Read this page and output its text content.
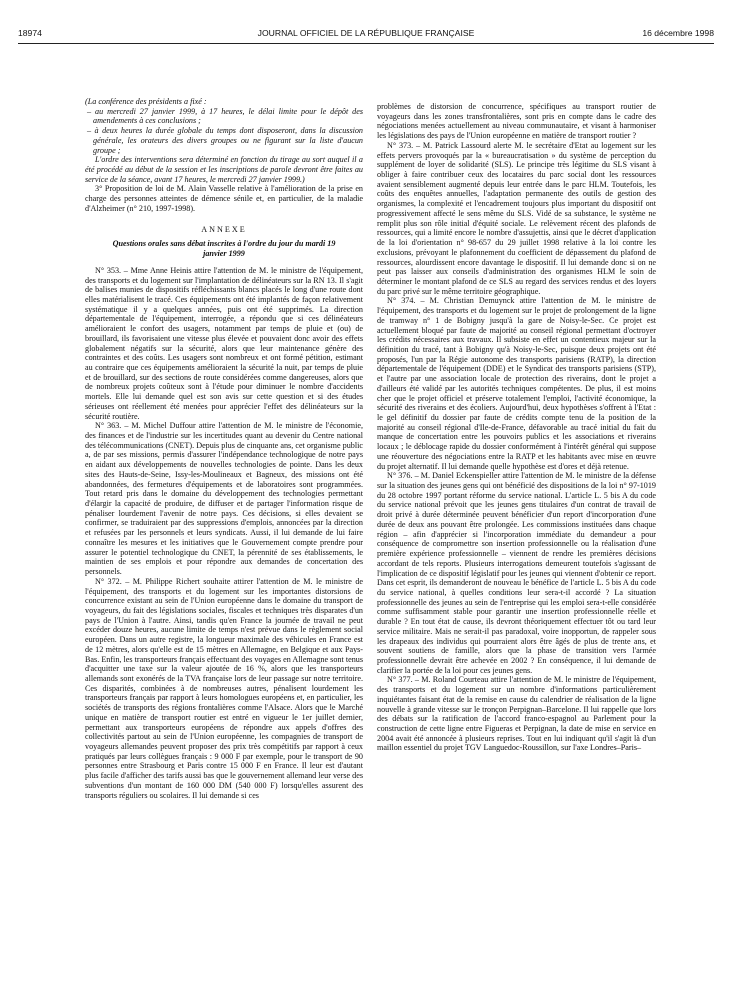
18974	JOURNAL OFFICIEL DE LA RÉPUBLIQUE FRANÇAISE	16 décembre 1998

(La conférence des présidents a fixé :

– au mercredi 27 janvier 1999, à 17 heures, le délai limite pour le dépôt des amendements à ces conclusions ;

– à deux heures la durée globale du temps dont disposeront, dans la discussion générale, les orateurs des divers groupes ou ne figurant sur la liste d'aucun groupe ;

L'ordre des interventions sera déterminé en fonction du tirage au sort auquel il a été procédé au début de la session et les inscriptions de parole devront être faites au service de la séance, avant 17 heures, le mercredi 27 janvier 1999.)

3° Proposition de loi de M. Alain Vasselle relative à l'amélioration de la prise en charge des personnes atteintes de démence sénile et, en particulier, de la maladie d'Alzheimer (n° 210, 1997-1998).

ANNEXE
Questions orales sans débat inscrites à l'ordre du jour du mardi 19 janvier 1999

N° 353. – Mme Anne Heinis attire l'attention de M. le ministre de l'équipement, des transports et du logement sur l'implantation de délinéateurs sur la RN 13. Il s'agit de balises munies de dispositifs réfléchissants blancs placés le long d'une route dont elles matérialisent le tracé. Ces équipements ont été implantés de façon relativement systématique il y a quelques années, puis ont été supprimés. La direction départementale de l'équipement, interrogée, a répondu que si ces délinéateurs amélioraient le confort des usagers, notamment par temps de pluie et (ou) de brouillard, ils favorisaient une vitesse plus élevée et pouvaient donc avoir des effets globalement négatifs sur la sécurité, alors que leur maintenance génère des contraintes et des coûts. Les usagers sont nombreux et ont formé pétition, estimant au contraire que ces équipements amélioraient la sécurité la nuit, par temps de pluie et de brouillard, sur des sections de route considérées comme dangereuses, alors que de nombreux projets coûteux sont à l'étude pour diminuer le nombre d'accidents mortels. Elle lui demande quel est son avis sur cette question et si des études sérieuses ont réellement été menées pour apprécier l'effet des délinéateurs sur la sécurité routière.

N° 363. – M. Michel Duffour attire l'attention de M. le ministre de l'économie, des finances et de l'industrie sur les incertitudes quant au devenir du Centre national des télécommunications (CNET). Depuis plus de cinquante ans, cet organisme public a, de par ses missions, permis d'assurer l'indépendance technologique de notre pays en aidant aux développements de nouvelles technologies de pointe. Dans les deux sites des Hauts-de-Seine, Issy-les-Moulineaux et Bagneux, des missions ont été abandonnées, des fermetures d'équipements et de laboratoires sont programmées. Tout retard pris dans le domaine du développement des technologies permettant d'élargir la capacité de produire, de diffuser et de partager l'information risque de pénaliser lourdement l'avenir de notre pays. Ces décisions, si elles devaient se confirmer, se traduiraient par des suppressions d'emplois, annoncées par la direction et refusées par les personnels et leurs syndicats. Aussi, il lui demande de lui faire connaître les mesures et les initiatives que le Gouvernement compte prendre pour assurer le potentiel technologique du CNET, la pérennité de ses établissements, le maintien de ses emplois et pour répondre aux demandes de concertation des personnels.

N° 372. – M. Philippe Richert souhaite attirer l'attention de M. le ministre de l'équipement, des transports et du logement sur les importantes distorsions de concurrence existant au sein de l'Union européenne dans le domaine du transport de voyageurs, du fait des législations sociales, fiscales et techniques très disparates d'un pays de l'Union à l'autre. Ainsi, tandis qu'en France la journée de travail ne peut excéder douze heures, aucune limite de temps n'est prévue dans le règlement social européen. Dans un autre registre, la longueur maximale des véhicules en France est de 12 mètres, alors qu'elle est de 15 mètres en Allemagne, en Belgique et aux Pays-Bas. Enfin, les transporteurs français effectuant des voyages en Allemagne sont tenus d'acquitter une taxe sur la valeur ajoutée de 16 %, alors que les transporteurs allemands sont exonérés de la TVA française lors de leur passage sur notre territoire. Ces disparités, combinées à de nombreuses autres, pénalisent lourdement les transporteurs français par rapport à leurs homologues européens et, en particulier, les sociétés de transports des régions frontalières comme l'Alsace. Alors que le Marché unique en matière de transport routier est entré en vigueur le 1er juillet dernier, permettant aux transporteurs européens de répondre aux appels d'offres des collectivités partout au sein de l'Union européenne, les compagnies de transport de voyageurs allemandes peuvent proposer des prix très compétitifs par rapport à ceux pratiqués par leurs collègues français : 9 000 F par exemple, pour le transport de 90 personnes entre Strasbourg et Paris contre 15 000 F en France. Il leur est d'autant plus facile d'afficher des tarifs aussi bas que le gouvernement allemand leur verse des subventions d'un montant de 160 000 DM (540 000 F) lorsqu'elles assurent des transports réguliers ou scolaires. Il lui demande si ces

problèmes de distorsion de concurrence, spécifiques au transport routier de voyageurs dans les zones transfrontalières, sont pris en compte dans le cadre des négociations menées actuellement au niveau communautaire, et visant à harmoniser les législations des pays de l'Union européenne en matière de transport routier ?

N° 373. – M. Patrick Lassourd alerte M. le secrétaire d'Etat au logement sur les effets pervers provoqués par la « bureaucratisation » du système de perception du supplément de loyer de solidarité (SLS). Le principe très légitime du SLS visant à obliger à faire contribuer ceux des locataires du parc social dont les ressources avaient sensiblement augmenté depuis leur entrée dans le parc HLM. Toutefois, les coûts des enquêtes annuelles, l'adaptation permanente des outils de gestion des organismes, la complexité et l'encadrement toujours plus important du dispositif ont progressivement affecté le sens même du SLS. Vidé de sa substance, le système ne remplit plus son rôle initial d'équité sociale. Le relèvement récent des plafonds de ressources, qui a limité encore le nombre d'assujettis, ainsi que le décret d'application de la loi d'orientation n° 98-657 du 29 juillet 1998 relative à la loi contre les exclusions, prévoyant le plafonnement du coefficient de dépassement du plafond de ressources, alourdissent encore davantage le dispositif. Il lui demande donc si on ne peut pas laisser aux conseils d'administration des organismes HLM le soin de déterminer le montant plafond de ce SLS au regard des services rendus et des loyers du parc privé sur le même territoire géographique.

N° 374. – M. Christian Demuynck attire l'attention de M. le ministre de l'équipement, des transports et du logement sur le projet de prolongement de la ligne de tramway n° 1 de Bobigny jusqu'à la gare de Noisy-le-Sec. Ce projet est actuellement bloqué par faute de majorité au conseil régional permettant d'octroyer les crédits nécessaires aux travaux. Il subsiste en effet un contentieux majeur sur la définition du tracé, tant à Bobigny qu'à Noisy-le-Sec, puisque deux projets ont été proposés, l'un par la Régie autonome des transports parisiens (RATP), la direction départementale de l'équipement (DDE) et le Syndicat des transports parisiens (STP), et l'autre par une association locale de protection des riverains, dont le projet a d'ailleurs été validé par les autorités techniques compétentes. De plus, il est moins cher que le projet officiel et préserve totalement l'emploi, l'activité économique, la sécurité des riverains et des écoliers. Aujourd'hui, deux hypothèses s'offrent à l'Etat : le gel définitif du dossier par faute de crédits compte tenu de la position de la majorité au conseil régional d'Ile-de-France, défavorable au tracé initial du fait du manque de concertation entre les pouvoirs publics et les associations et riverains locaux ; le déblocage rapide du dossier conformément à l'intérêt général qui suppose une réouverture des négociations entre la RATP et les habitants avec mise en œuvre du projet alternatif. Il lui demande quelle hypothèse est d'ores et déjà retenue.

N° 376. – M. Daniel Eckenspieller attire l'attention de M. le ministre de la défense sur la situation des jeunes gens qui ont bénéficié des dispositions de la loi n° 97-1019 du 28 octobre 1997 portant réforme du service national. L'article L. 5 bis A du code du service national prévoit que les jeunes gens titulaires d'un contrat de travail de droit privé à durée déterminée peuvent bénéficier d'un report d'incorporation d'une durée de deux ans pouvant être prolongée. Les commissions instituées dans chaque région – afin d'apprécier si l'incorporation immédiate du demandeur a pour conséquence de compromettre son insertion professionnelle ou la réalisation d'une première expérience professionnelle – viennent de rendre les premières décisions accordant de tels reports. Plusieurs interrogations demeurent toutefois s'agissant de l'implication de ce dispositif législatif pour les jeunes qui viennent d'obtenir ce report. Dans cet esprit, ils demanderont de nouveau le bénéfice de l'article L. 5 bis A du code du service national, à quelles conditions leur sera-t-il accordé ? La situation professionnelle des jeunes au sein de l'entreprise qui les emploi sera-t-elle considérée comme suffisamment stable pour garantir une insertion professionnelle réelle et durable ? En tout état de cause, ils devront théoriquement effectuer tôt ou tard leur service militaire. Mais ne serait-il pas paradoxal, voire inopportun, de rappeler sous les drapeaux des individus qui pourraient alors être âgés de plus de trente ans, et souvent soutiens de famille, alors que la phase de transition vers l'armée professionnelle devrait être achevée en 2002 ? En conséquence, il lui demande de clarifier la portée de la loi pour ces jeunes gens.

N° 377. – M. Roland Courteau attire l'attention de M. le ministre de l'équipement, des transports et du logement sur un nombre d'informations particulièrement inquiétantes faisant état de la remise en cause du calendrier de réalisation de la ligne nouvelle à grande vitesse sur le tronçon Perpignan–Barcelone. Il lui rappelle que lors des débats sur la ratification de l'accord franco-espagnol au Parlement pour la construction de cette ligne entre Figueras et Perpignan, la date de mise en service en 2004 avait été annoncée à plusieurs reprises. Tout en lui indiquant qu'il s'agit là d'un maillon essentiel du projet TGV Languedoc-Roussillon, sur l'axe Londres–Paris–
